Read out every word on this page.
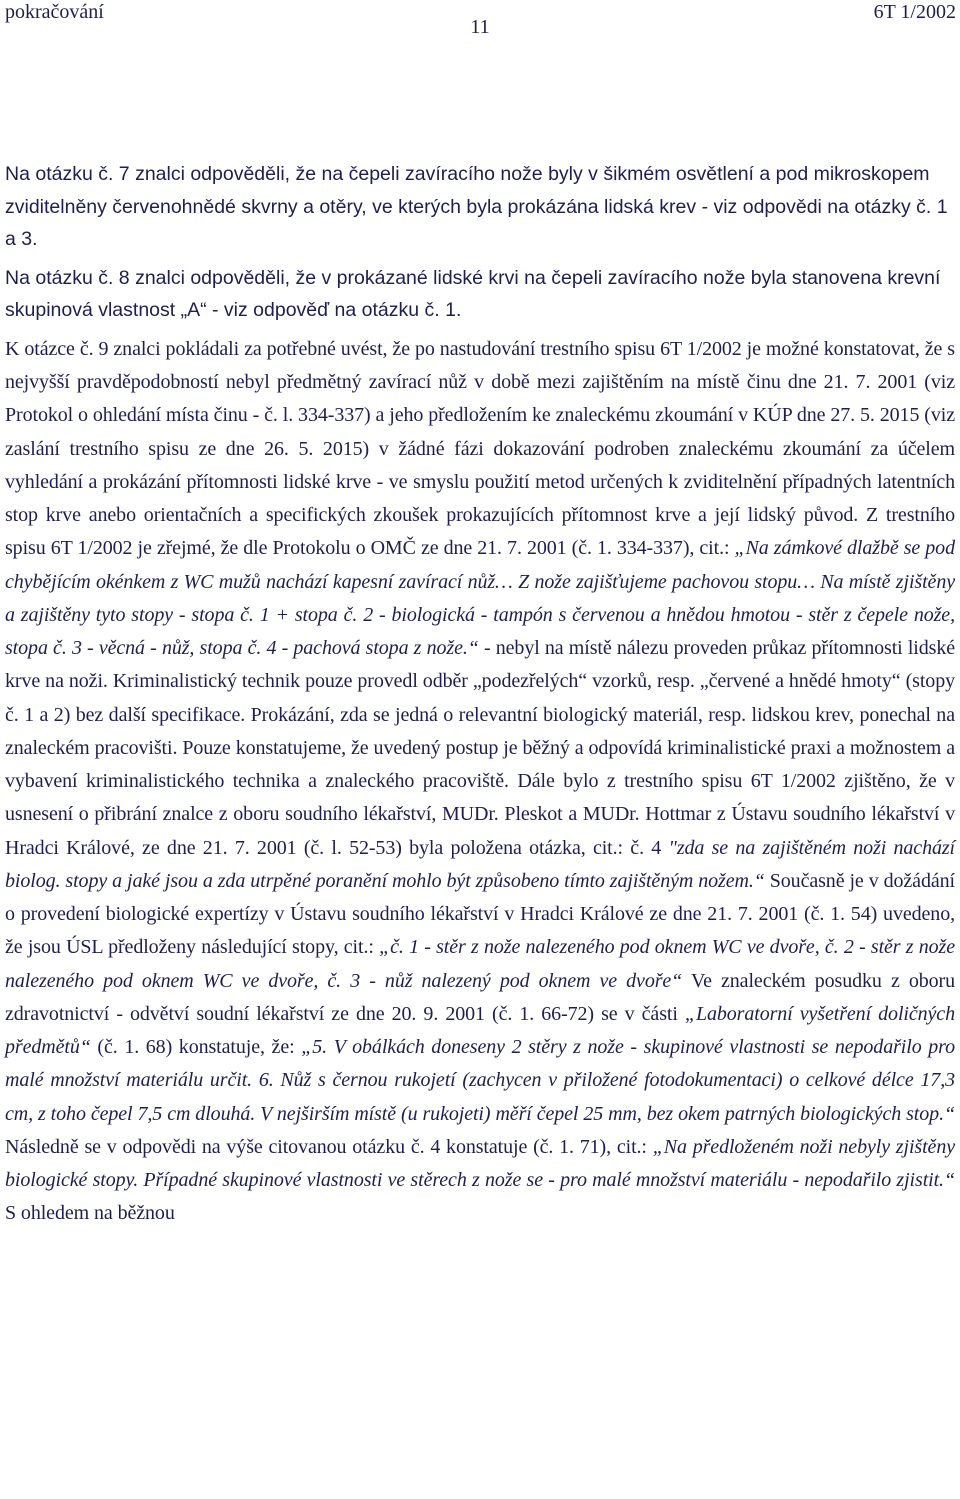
pokračování
11
6T 1/2002

Na otázku č. 7 znalci odpověděli, že na čepeli zavíracího nože byly v šikmém osvětlení a pod mikroskopem zviditelněny červenohnědé skvrny a otěry, ve kterých byla prokázána lidská krev - viz odpovědi na otázky č. 1 a 3.

Na otázku č. 8 znalci odpověděli, že v prokázané lidské krvi na čepeli zavíracího nože byla stanovena krevní skupinová vlastnost „A“ - viz odpověď na otázku č. 1.

K otázce č. 9 znalci pokládali za potřebné uvést, že po nastudování trestního spisu 6T 1/2002 je možné konstatovat, že s nejvyšší pravděpodobností nebyl předmětný zavírací nůž v době mezi zajištěním na místě činu dne 21. 7. 2001 (viz Protokol o ohledání místa činu - č. l. 334-337) a jeho předložením ke znaleckému zkoumání v KÚP dne 27. 5. 2015 (viz zaslání trestního spisu ze dne 26. 5. 2015) v žádné fázi dokazování podroben znaleckému zkoumání za účelem vyhledání a prokázání přítomnosti lidské krve - ve smyslu použití metod určených k zviditelnění případných latentních stop krve anebo orientačních a specifických zkoušek prokazujících přítomnost krve a její lidský původ. Z trestního spisu 6T 1/2002 je zřejmé, že dle Protokolu o OMČ ze dne 21. 7. 2001 (č. 1. 334-337), cit.: „Na zámkové dlažbě se pod chybějícím okénkem z WC mužů nachází kapesní zavírací nůž… Z nože zajišťujeme pachovou stopu… Na místě zjištěny a zajištěny tyto stopy - stopa č. 1 + stopa č. 2 - biologická - tampón s červenou a hnědou hmotou - stěr z čepele nože, stopa č. 3 - věcná - nůž, stopa č. 4 - pachová stopa z nože.“ - nebyl na místě nálezu proveden průkaz přítomnosti lidské krve na noži. Kriminalistický technik pouze provedl odběr „podezřelých“ vzorků, resp. „červené a hnědé hmoty“ (stopy č. 1 a 2) bez další specifikace. Prokázání, zda se jedná o relevantní biologický materiál, resp. lidskou krev, ponechal na znaleckém pracovišti. Pouze konstatujeme, že uvedený postup je běžný a odpovídá kriminalistické praxi a možnostem a vybavení kriminalistického technika a znaleckého pracoviště. Dále bylo z trestního spisu 6T 1/2002 zjištěno, že v usnesení o přibrání znalce z oboru soudního lékařství, MUDr. Pleskot a MUDr. Hottmar z Ústavu soudního lékařství v Hradci Králové, ze dne 21. 7. 2001 (č. l. 52-53) byla položena otázka, cit.: č. 4 "zda se na zajištěném noži nachází biolog. stopy a jaké jsou a zda utrpěné poranění mohlo být způsobeno tímto zajištěným nožem.“ Současně je v dožádání o provedení biologické expertízy v Ústavu soudního lékařství v Hradci Králové ze dne 21. 7. 2001 (č. 1. 54) uvedeno, že jsou ÚSL předloženy následující stopy, cit.: „č. 1 - stěr z nože nalezeného pod oknem WC ve dvoře, č. 2 - stěr z nože nalezeného pod oknem WC ve dvoře, č. 3 - nůž nalezený pod oknem ve dvoře“ Ve znaleckém posudku z oboru zdravotnictví - odvětví soudní lékařství ze dne 20. 9. 2001 (č. 1. 66-72) se v části „Laboratorní vyšetření doličných předmětů“ (č. 1. 68) konstatuje, že: „5. V obálkách doneseny 2 stěry z nože - skupinové vlastnosti se nepodařilo pro malé množství materiálu určit. 6. Nůž s černou rukojetí (zachycen v přiložené fotodokumentaci) o celkové délce 17,3 cm, z toho čepel 7,5 cm dlouhá. V nejširším místě (u rukojeti) měří čepel 25 mm, bez okem patrných biologických stop.“ Následně se v odpovědi na výše citovanou otázku č. 4 konstatuje (č. 1. 71), cit.: „Na předloženém noži nebyly zjištěny biologické stopy. Případné skupinové vlastnosti ve stěrech z nože se - pro malé množství materiálu - nepodařilo zjistit.“ S ohledem na běžnou
